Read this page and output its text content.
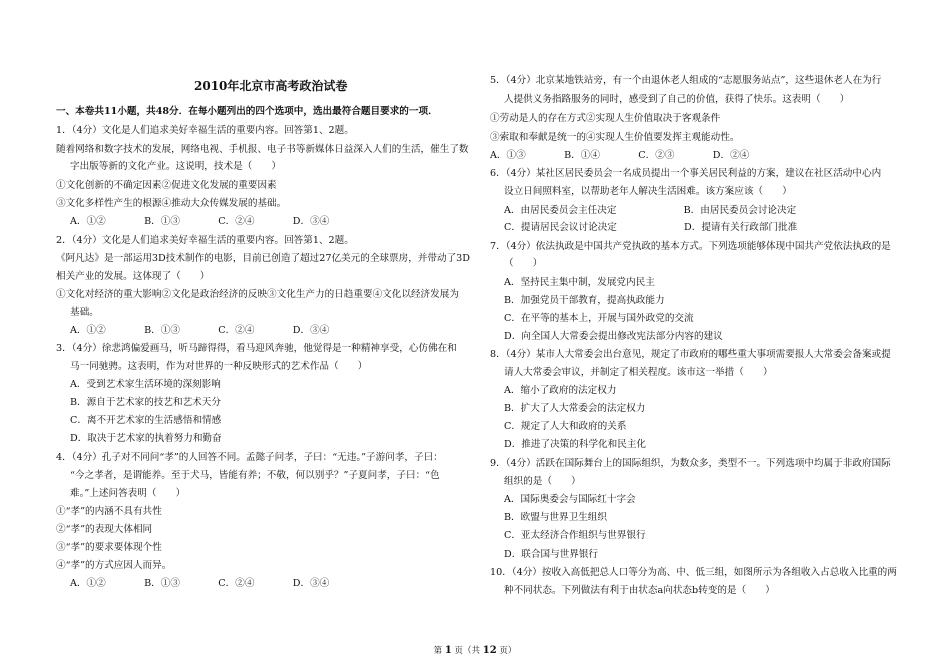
2010年北京市高考政治试卷
一、本卷共11小题，共48分．在每小题列出的四个选项中，选出最符合题目要求的一项．
1．（4分）文化是人们追求美好幸福生活的重要内容。回答第1、2题。
随着网络和数字技术的发展，网络电视、手机报、电子书等新媒体日益深入人们的生活，催生了数
字出版等新的文化产业。这说明，技术是（　　）
①文化创新的不确定因素②促进文化发展的重要因素
③文化多样性产生的根源④推动大众传媒发展的基础。
A．①②　　　　B．①③　　　　C．②④　　　　D．③④
2．（4分）文化是人们追求美好幸福生活的重要内容。回答第1、2题。
《阿凡达》是一部运用3D技术制作的电影，目前已创造了超过27亿美元的全球票房，并带动了3D
相关产业的发展。这体现了（　　）
①文化对经济的重大影响②文化是政治经济的反映③文化生产力的日趋重要④文化以经济发展为
基础。
A．①②　　　　B．①③　　　　C．②④　　　　D．③④
3．（4分）徐悲鸿偏爱画马，听马蹄得得，看马迎风奔驰，他觉得是一种精神享受，心仿佛在和
马一同驰骋。这表明，作为对世界的一种反映形式的艺术作品（　　）
A．受到艺术家生活环境的深刻影响
B．源自于艺术家的技艺和艺术天分
C．离不开艺术家的生活感悟和情感
D．取决于艺术家的执着努力和勤奋
4．（4分）孔子对不同问“孝”的人回答不同。孟懿子问孝，子曰：“无违。”子游问孝，子曰：
“今之孝者，是谓能养。至于犬马，皆能有养；不敬，何以别乎？”子夏问孝，子曰：“色
难。”上述问答表明（　　）
①“孝”的内涵不具有共性
②“孝”的表现大体相同
③“孝”的要求要体现个性
④“孝”的方式应因人而异。
A．①②　　　　B．①③　　　　C．②④　　　　D．③④
5．（4分）北京某地铁站旁，有一个由退休老人组成的“志愿服务站点”，这些退休老人在为行
人提供义务指路服务的同时，感受到了自己的价值，获得了快乐。这表明（　　）
①劳动是人的存在方式②实现人生价值取决于客观条件
③索取和奉献是统一的④实现人生价值要发挥主观能动性。
A．①③　　　　B．①④　　　　C．②③　　　　D．②④
6．（4分）某社区居民委员会一名成员提出一个事关居民利益的方案，建议在社区活动中心内
设立日间照料室，以帮助老年人解决生活困难。该方案应该（　　）
A．由居民委员会主任决定　　　　　　　B．由居民委员会讨论决定
C．提请居民会议讨论决定　　　　　　　D．提请有关行政部门批准
7．（4分）依法执政是中国共产党执政的基本方式。下列选项能够体现中国共产党依法执政的是
（　　）
A．坚持民主集中制，发展党内民主
B．加强党员干部教育，提高执政能力
C．在平等的基本上，开展与国外政党的交流
D．向全国人大常委会提出修改宪法部分内容的建议
8．（4分）某市人大常委会出台意见，规定了市政府的哪些重大事项需要报人大常委会备案或提
请人大常委会审议，并制定了相关程度。该市这一举措（　　）
A．缩小了政府的法定权力
B．扩大了人大常委会的法定权力
C．规定了人大和政府的关系
D．推进了决策的科学化和民主化
9．（4分）活跃在国际舞台上的国际组织，为数众多，类型不一。下列选项中均属于非政府国际
组织的是（　　）
A．国际奥委会与国际红十字会
B．欧盟与世界卫生组织
C．亚太经济合作组织与世界银行
D．联合国与世界银行
10．（4分）按收入高低把总人口等分为高、中、低三组，如图所示为各组收入占总收入比重的两
种不同状态。下列做法有利于由状态a向状态b转变的是（　　）
第 1 页（共 12 页）
